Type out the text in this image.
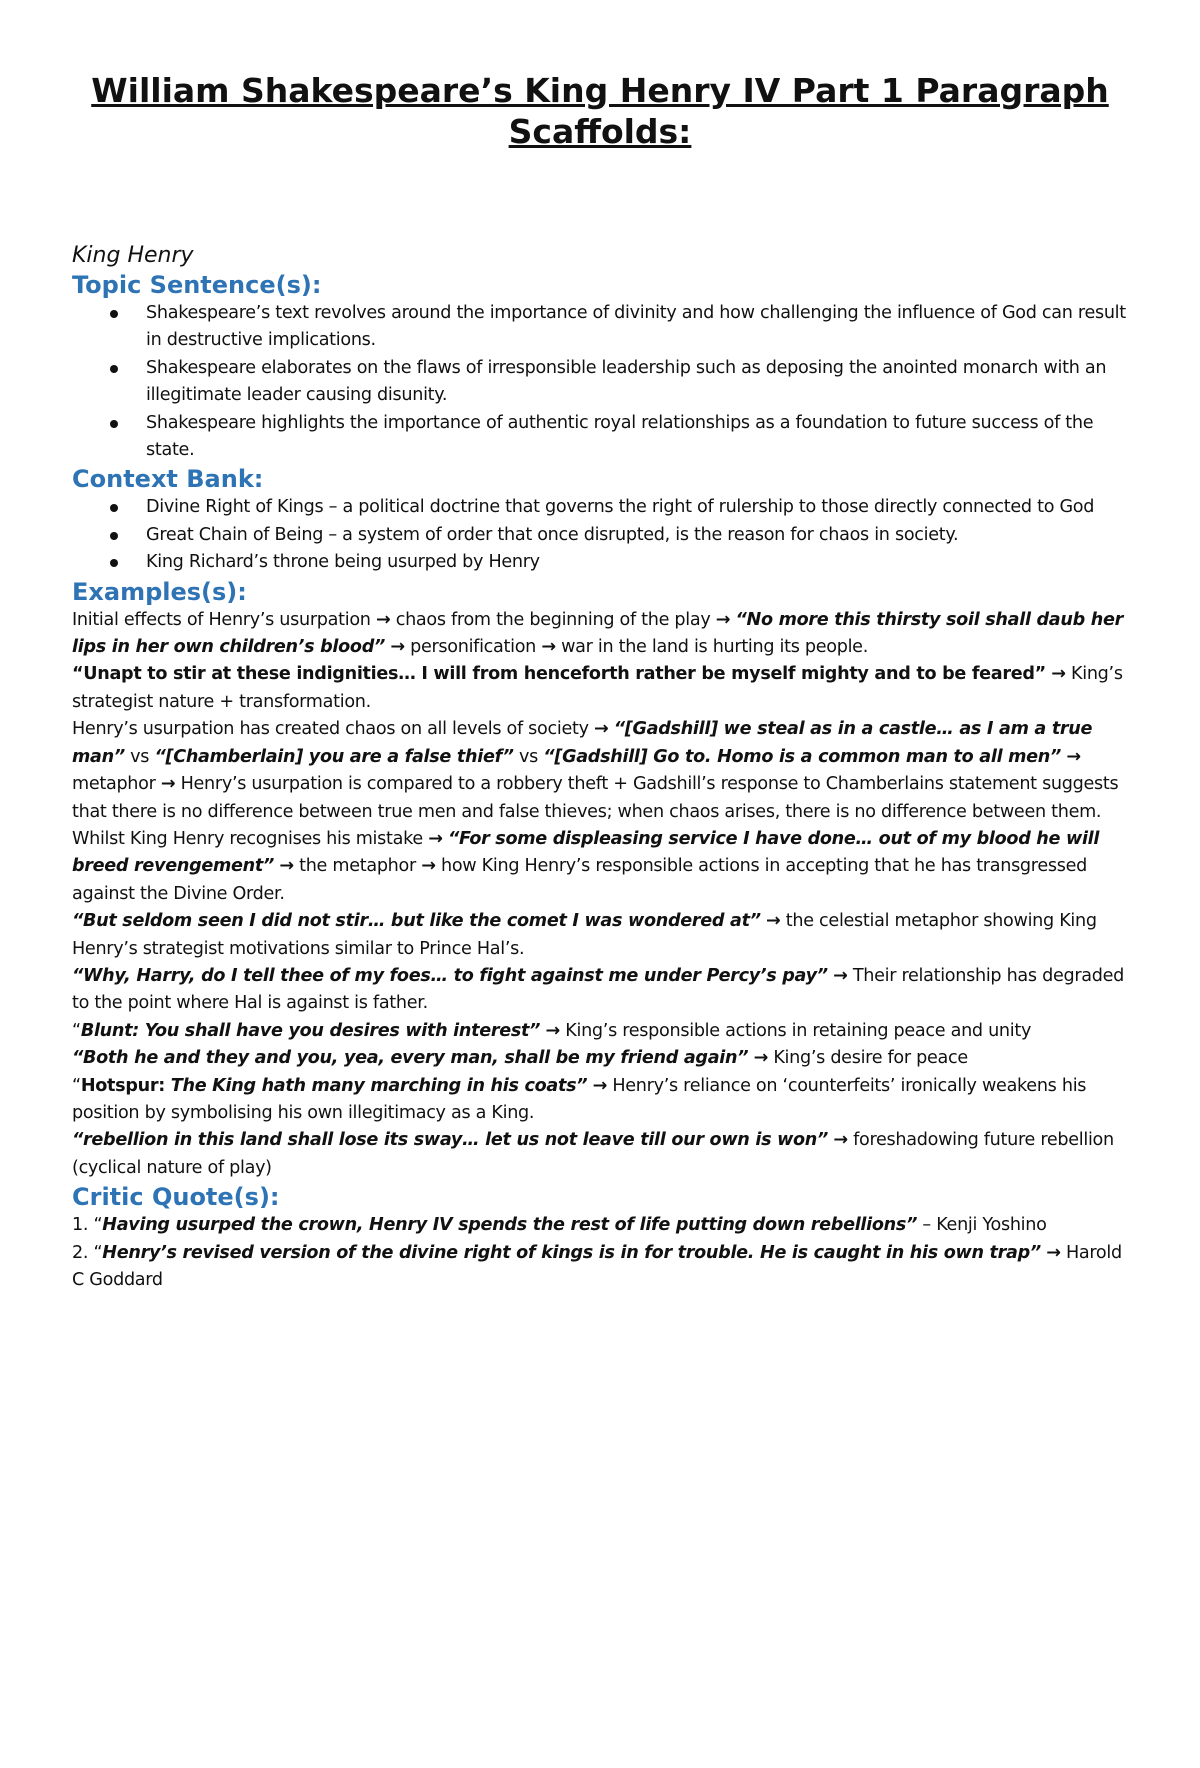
William Shakespeare’s King Henry IV Part 1 Paragraph
Scaffolds:
King Henry
Topic Sentence(s):
Shakespeare’s text revolves around the importance of divinity and how challenging the influence of God can result in destructive implications.
Shakespeare elaborates on the flaws of irresponsible leadership such as deposing the anointed monarch with an illegitimate leader causing disunity.
Shakespeare highlights the importance of authentic royal relationships as a foundation to future success of the state.
Context Bank:
Divine Right of Kings – a political doctrine that governs the right of rulership to those directly connected to God
Great Chain of Being – a system of order that once disrupted, is the reason for chaos in society.
King Richard’s throne being usurped by Henry
Examples(s):

Initial effects of Henry’s usurpation → chaos from the beginning of the play → “No more this thirsty soil shall daub her lips in her own children’s blood” → personification → war in the land is hurting its people.

“Unapt to stir at these indignities… I will from henceforth rather be myself mighty and to be feared” → King’s strategist nature + transformation.

Henry’s usurpation has created chaos on all levels of society → “[Gadshill] we steal as in a castle… as I am a true man” vs “[Chamberlain] you are a false thief” vs “[Gadshill] Go to. Homo is a common man to all men” → metaphor → Henry’s usurpation is compared to a robbery theft + Gadshill’s response to Chamberlains statement suggests that there is no difference between true men and false thieves; when chaos arises, there is no difference between them.

Whilst King Henry recognises his mistake → “For some displeasing service I have done… out of my blood he will breed revengement” → the metaphor → how King Henry’s responsible actions in accepting that he has transgressed against the Divine Order.

“But seldom seen I did not stir… but like the comet I was wondered at” → the celestial metaphor showing King Henry’s strategist motivations similar to Prince Hal’s.

“Why, Harry, do I tell thee of my foes… to fight against me under Percy’s pay” → Their relationship has degraded to the point where Hal is against is father.

“Blunt: You shall have you desires with interest” → King’s responsible actions in retaining peace and unity

“Both he and they and you, yea, every man, shall be my friend again” → King’s desire for peace

“Hotspur: The King hath many marching in his coats” → Henry’s reliance on ‘counterfeits’ ironically weakens his position by symbolising his own illegitimacy as a King.

“rebellion in this land shall lose its sway… let us not leave till our own is won” → foreshadowing future rebellion (cyclical nature of play)

Critic Quote(s):

1. “Having usurped the crown, Henry IV spends the rest of life putting down rebellions” – Kenji Yoshino

2. “Henry’s revised version of the divine right of kings is in for trouble. He is caught in his own trap” → Harold C Goddard
